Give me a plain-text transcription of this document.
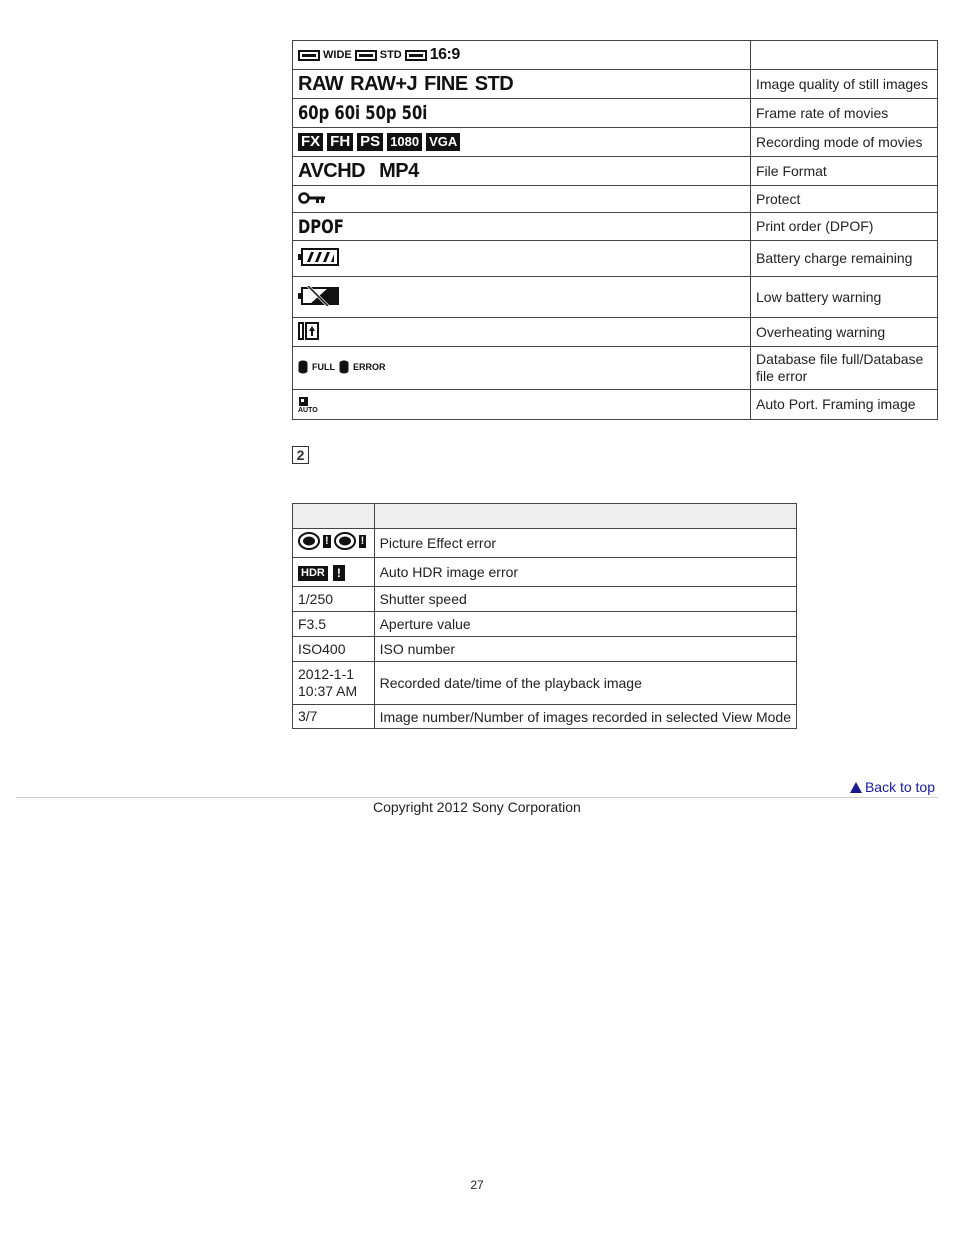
WIDE STD 16:9	

RAW RAW+J FINE STD	Image quality of still images
60p 60i 50p 50i	Frame rate of movies

FX FH PS 1080 VGA	Recording mode of movies

AVCHD MP4	File Format
	Protect
DPOF	Print order (DPOF)
	Battery charge remaining
	Low battery warning
	Overheating warning

FULL ERROR	Database file full/Database file error

AUTO	Auto Port. Framing image
2

! !	Picture Effect error

HDR !	Auto HDR image error
1/250	Shutter speed
F3.5	Aperture value
ISO400	ISO number

2012-1-1
10:37 AM	Recorded date/time of the playback image
3/7	Image number/Number of images recorded in selected View Mode
Back to top
Copyright 2012 Sony Corporation
27
